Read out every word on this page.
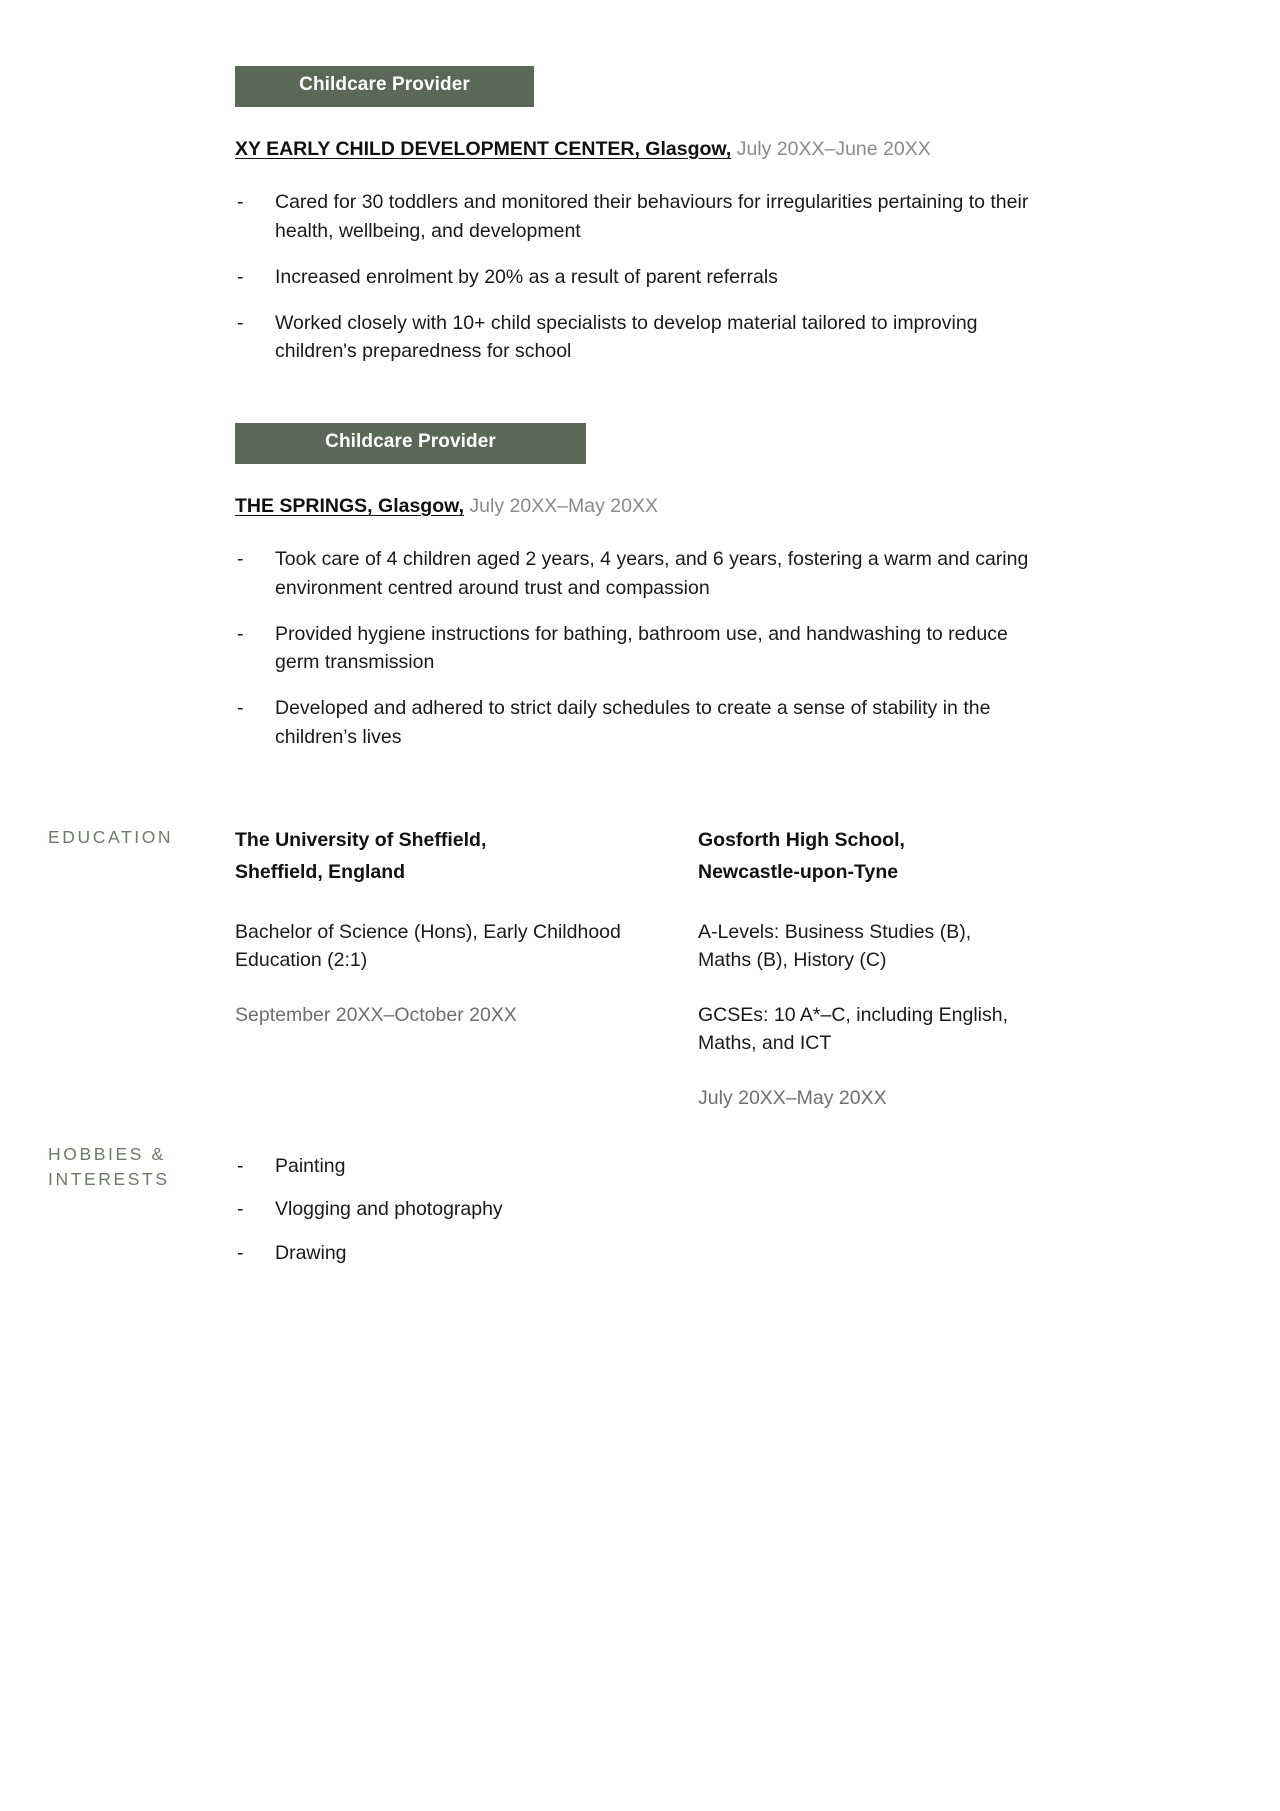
Childcare Provider
XY EARLY CHILD DEVELOPMENT CENTER, Glasgow, July 20XX–June 20XX
- Cared for 30 toddlers and monitored their behaviours for irregularities pertaining to their health, wellbeing, and development
- Increased enrolment by 20% as a result of parent referrals
- Worked closely with 10+ child specialists to develop material tailored to improving children's preparedness for school
Childcare Provider
THE SPRINGS, Glasgow, July 20XX–May 20XX
- Took care of 4 children aged 2 years, 4 years, and 6 years, fostering a warm and caring environment centred around trust and compassion
- Provided hygiene instructions for bathing, bathroom use, and handwashing to reduce germ transmission
- Developed and adhered to strict daily schedules to create a sense of stability in the children’s lives
EDUCATION	The University of Sheffield,
Sheffield, England
Bachelor of Science (Hons), Early Childhood Education (2:1)
September 20XX–October 20XX
Gosforth High School,
Newcastle-upon-Tyne
A-Levels: Business Studies (B), Maths (B), History (C)
GCSEs: 10 A*–C, including English, Maths, and ICT
July 20XX–May 20XX
HOBBIES &
INTERESTS
- Painting
- Vlogging and photography
- Drawing
